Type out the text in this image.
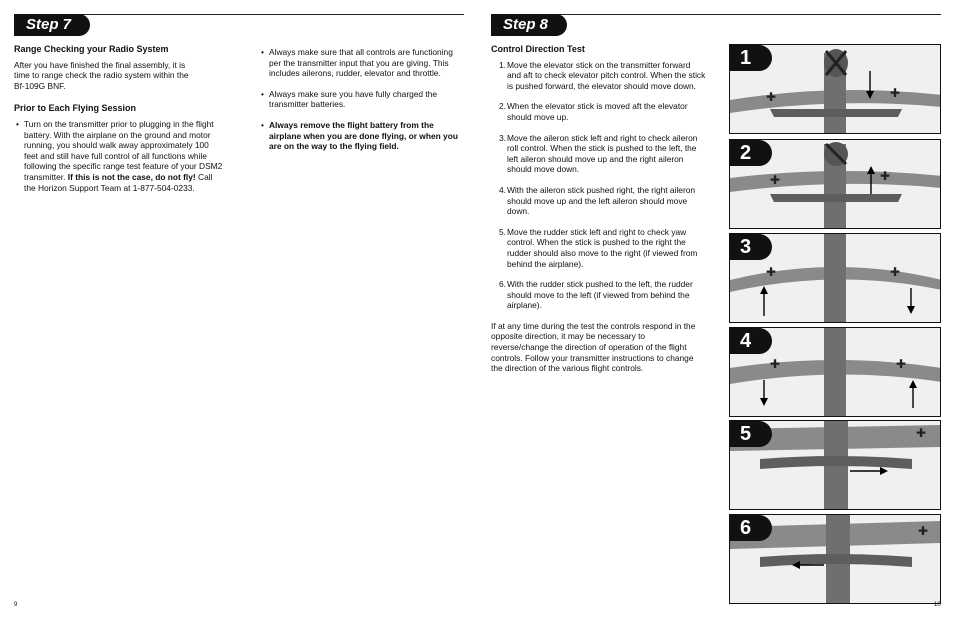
Step 7

Range Checking your Radio System

After you have finished the final assembly, it is time to range check the radio system within the Bf-109G BNF.

Prior to Each Flying Session

• Turn on the transmitter prior to plugging in the flight battery. With the airplane on the ground and motor running, you should walk away approximately 100 feet and still have full control of all functions while following the specific range test feature of your DSM2 transmitter. If this is not the case, do not fly! Call the Horizon Support Team at 1-877-504-0233.

• Always make sure that all controls are functioning per the transmitter input that you are giving. This includes ailerons, rudder, elevator and throttle.

• Always make sure you have fully charged the transmitter batteries.

• Always remove the flight battery from the airplane when you are done flying, or when you are on the way to the flying field.

9
Step 8

Control Direction Test

1. Move the elevator stick on the transmitter forward and aft to check elevator pitch control. When the stick is pushed forward, the elevator should move down.
2. When the elevator stick is moved aft the elevator should move up.
3. Move the aileron stick left and right to check aileron roll control. When the stick is pushed to the left, the left aileron should move up and the right aileron should move down.
4. With the aileron stick pushed right, the right aileron should move up and the left aileron should move down.
5. Move the rudder stick left and right to check yaw control. When the stick is pushed to the right the rudder should also move to the right (if viewed from behind the airplane).
6. With the rudder stick pushed to the left, the rudder should move to the left (if viewed from behind the airplane).

If at any time during the test the controls respond in the opposite direction, it may be necessary to reverse/change the direction of operation of the flight controls. Follow your transmitter instructions to change the direction of the various flight controls.

✚
✚
1
✚
✚
2
✚	✚
3
✚	✚
4
✚
5
✚
6
10
